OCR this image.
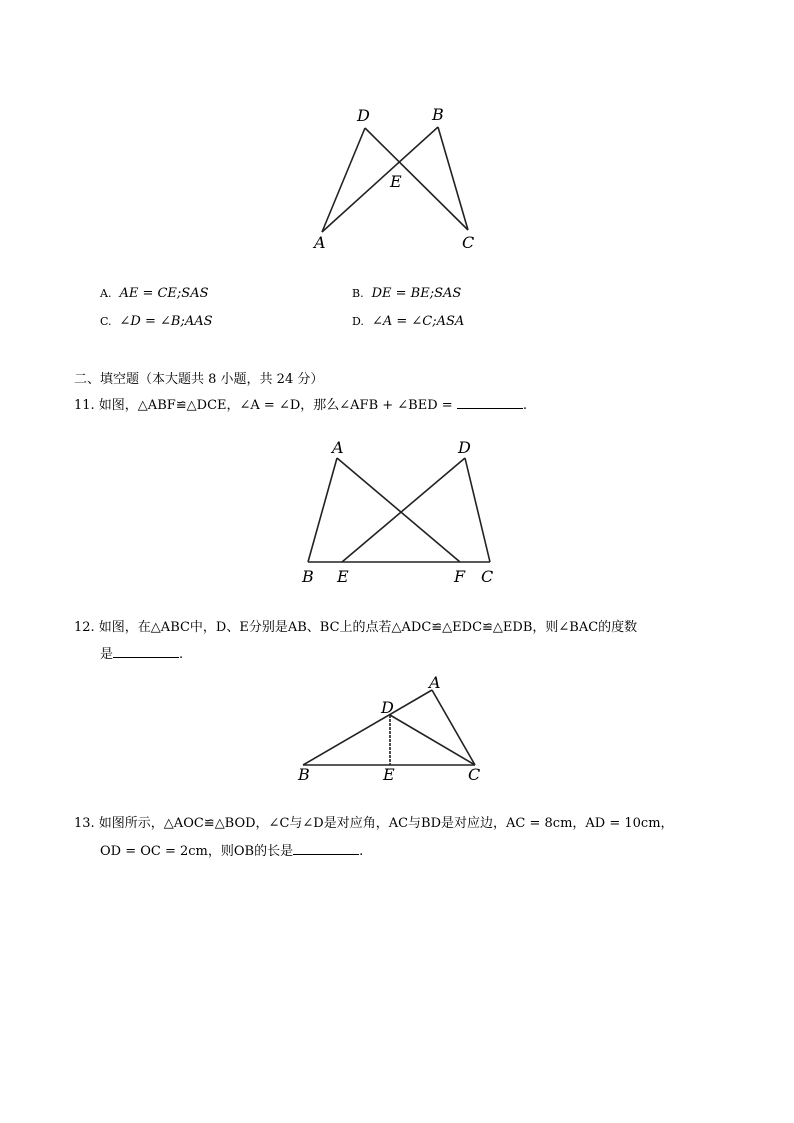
D	B
E
A	C
A	D
B E	F C
A
D
B	E	C
A. AE = CE;SAS	B. DE = BE;SAS
C. ∠D = ∠B;AAS	D. ∠A = ∠C;ASA
二、填空题（本大题共 8 小题，共 24 分）
11. 如图，△ABF≌△DCE，∠A = ∠D，那么∠AFB + ∠BED =	.
12. 如图，在△ABC中，D、E分别是AB、BC上的点若△ADC≌△EDC≌△EDB，则∠BAC的度数
是	.
13. 如图所示，△AOC≌△BOD，∠C与∠D是对应角，AC与BD是对应边，AC = 8cm，AD = 10cm，
OD = OC = 2cm，则OB的长是	.
